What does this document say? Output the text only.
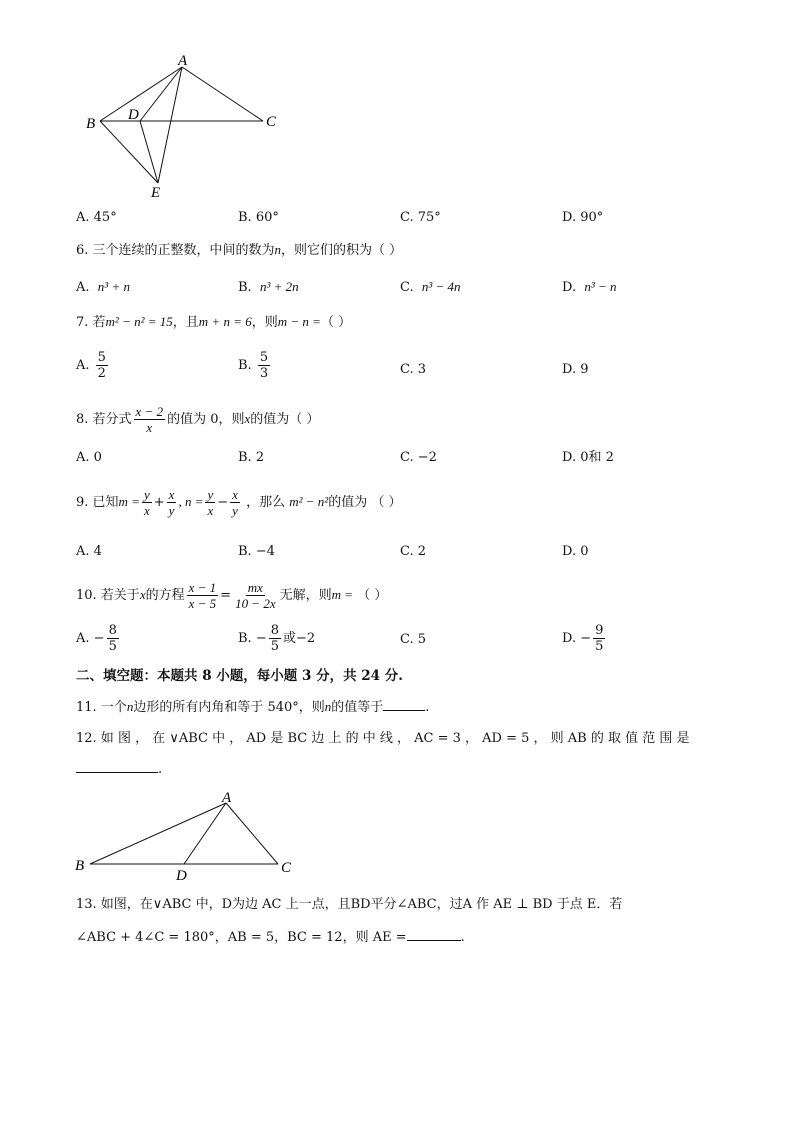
A
B	C
D
E
A. 45°	B. 60°	C. 75°	D. 90°
6. 三个连续的正整数，中间的数为n，则它们的积为（ ）
A. n³ + n	B. n³ + 2n	C. n³ − 4n	D. n³ − n
7. 若m² − n² = 15，且m + n = 6，则m − n =（ ）
A. $\frac{5}{2}$	B. $\frac{5}{3}$	C. 3	D. 9
8. 若分式 $\frac{x - 2}{x}$ 的值为 0，则x的值为（ ）
A. 0	B. 2	C. −2	D. 0和 2
9. 已知$m = \frac{y}{x} + \frac{x}{y}$ , $n = \frac{y}{x} - \frac{x}{y}$ ，那么 m² − n²的值为 （ ）
A. 4	B. −4	C. 2	D. 0
10. 若关于x的方程 $\frac{x - 1}{x - 5} = \frac{mx}{10 - 2x}$ 无解，则m = （ ）
A. − $\frac{8}{5}$	B. − $\frac{8}{5}$ 或−2	C. 5	D. − $\frac{9}{5}$
二、填空题：本题共 8 小题，每小题 3 分，共 24 分.
11. 一个n边形的所有内角和等于 540°，则n的值等于	.
12. 如 图 ， 在 ∨ABC 中 ， AD 是 BC 边 上 的 中 线 ， AC = 3 ， AD = 5 ， 则 AB 的 取 值 范 围 是
.
A
B	C
D
13. 如图，在∨ABC 中，D为边 AC 上一点，且BD平分∠ABC，过A 作 AE ⊥ BD 于点 E．若
∠ABC + 4∠C = 180°，AB = 5，BC = 12，则 AE =	.
